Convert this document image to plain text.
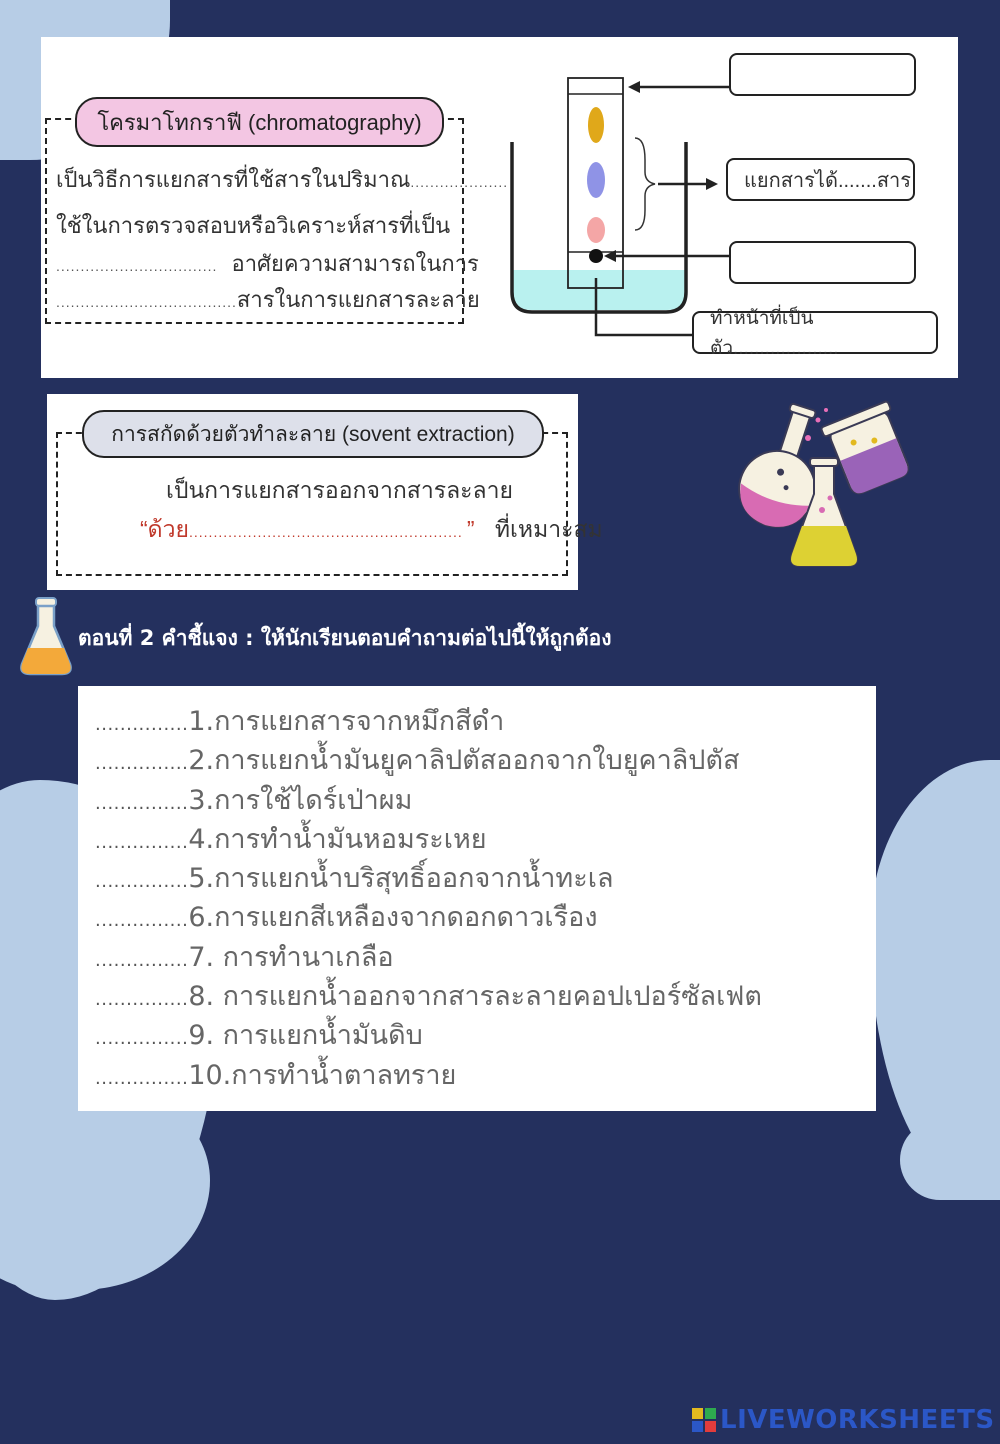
โครมาโทกราฟี (chromatography)
เป็นวิธีการแยกสารที่ใช้สารในปริมาณ....................
ใช้ในการตรวจสอบหรือวิเคราะห์สารที่เป็น
................................. อาศัยความสามารถในการ
.....................................สารในการแยกสารละลาย
แยกสารได้.......สาร
ทำหน้าที่เป็นตัว....................
การสกัดด้วยตัวทำละลาย (sovent extraction)
เป็นการแยกสารออกจากสารละลาย
“ด้วย........................................................ ” ที่เหมาะสม
ตอนที่ 2 คำชี้แจง : ให้นักเรียนตอบคำถามต่อไปนี้ให้ถูกต้อง
...............1.การแยกสารจากหมึกสีดำ
...............2.การแยกน้ำมันยูคาลิปตัสออกจากใบยูคาลิปตัส
...............3.การใช้ไดร์เป่าผม
...............4.การทำน้ำมันหอมระเหย
...............5.การแยกน้ำบริสุทธิ์ออกจากน้ำทะเล
...............6.การแยกสีเหลืองจากดอกดาวเรือง
...............7. การทำนาเกลือ
...............8. การแยกน้ำออกจากสารละลายคอปเปอร์ซัลเฟต
...............9. การแยกน้ำมันดิบ
...............10.การทำน้ำตาลทราย
LIVEWORKSHEETS
